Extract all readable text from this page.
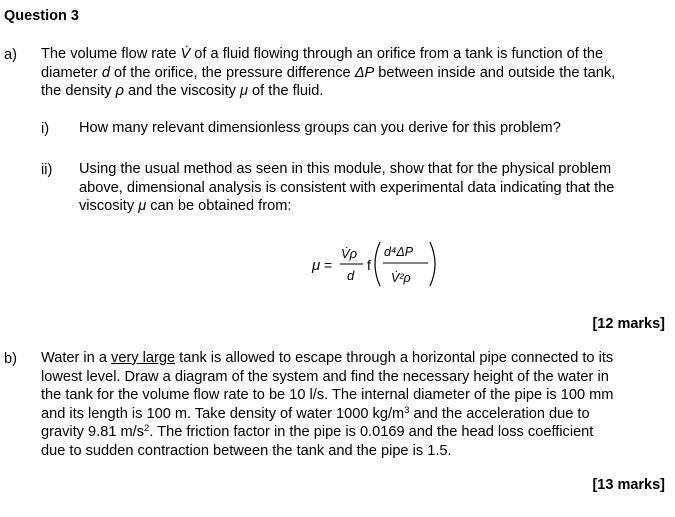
Question 3
a) The volume flow rate V̇ of a fluid flowing through an orifice from a tank is function of the
diameter d of the orifice, the pressure difference ΔP between inside and outside the tank,
the density ρ and the viscosity μ of the fluid.
i) How many relevant dimensionless groups can you derive for this problem?
ii) Using the usual method as seen in this module, show that for the physical problem
above, dimensional analysis is consistent with experimental data indicating that the
viscosity μ can be obtained from:
μ =
V̇ρ
d
f
d⁴ΔP
V̇²ρ
[12 marks]
b) Water in a very large tank is allowed to escape through a horizontal pipe connected to its
lowest level. Draw a diagram of the system and find the necessary height of the water in
the tank for the volume flow rate to be 10 l/s. The internal diameter of the pipe is 100 mm
and its length is 100 m. Take density of water 1000 $kg/m^3$ and the acceleration due to
gravity 9.81 $m/s^2$. The friction factor in the pipe is 0.0169 and the head loss coefficient
due to sudden contraction between the tank and the pipe is 1.5.
[13 marks]
